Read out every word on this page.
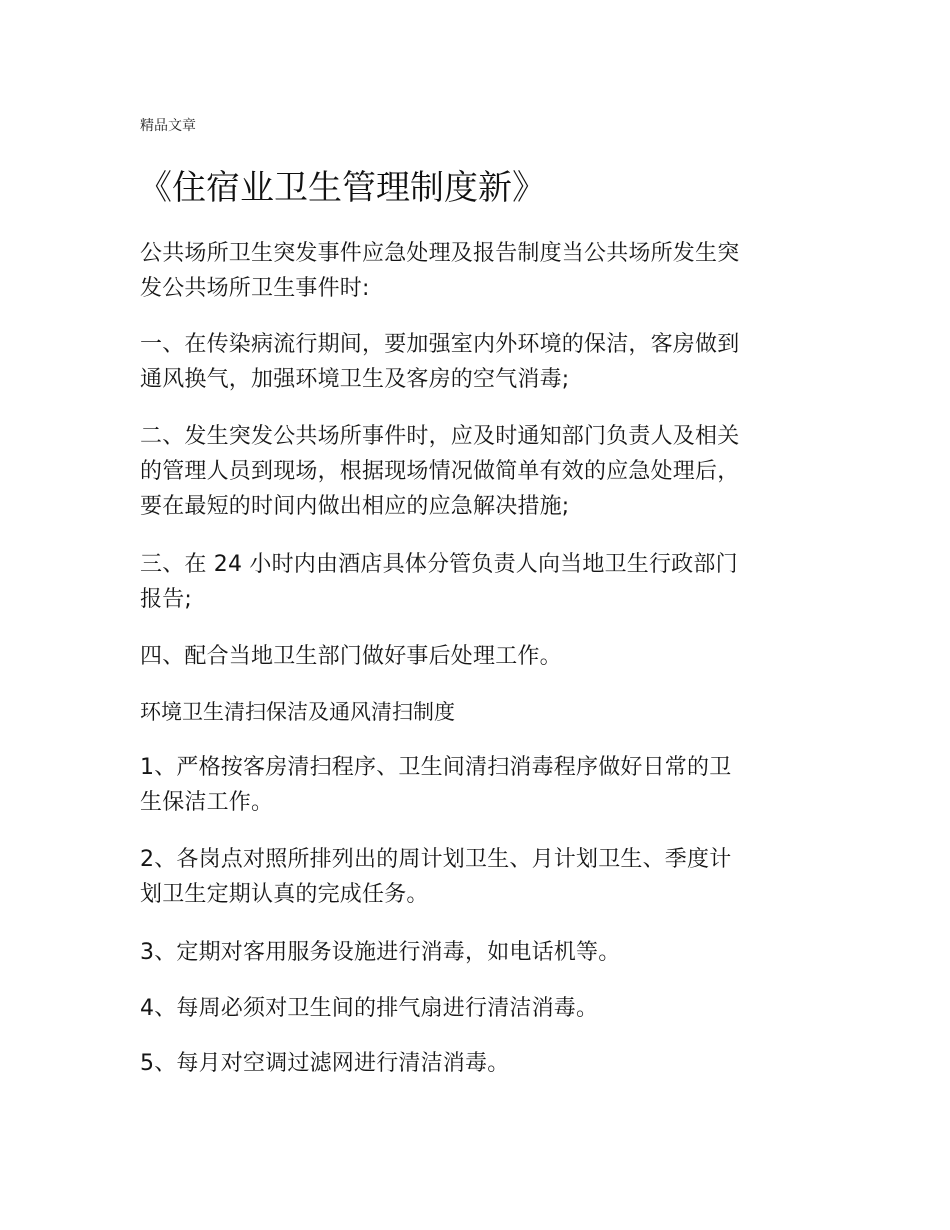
精品文章
《住宿业卫生管理制度新》
公共场所卫生突发事件应急处理及报告制度当公共场所发生突
发公共场所卫生事件时:
一、在传染病流行期间，要加强室内外环境的保洁，客房做到
通风换气，加强环境卫生及客房的空气消毒;
二、发生突发公共场所事件时，应及时通知部门负责人及相关
的管理人员到现场，根据现场情况做简单有效的应急处理后，
要在最短的时间内做出相应的应急解决措施;
三、在 24 小时内由酒店具体分管负责人向当地卫生行政部门
报告;
四、配合当地卫生部门做好事后处理工作。
环境卫生清扫保洁及通风清扫制度
1、严格按客房清扫程序、卫生间清扫消毒程序做好日常的卫
生保洁工作。
2、各岗点对照所排列出的周计划卫生、月计划卫生、季度计
划卫生定期认真的完成任务。
3、定期对客用服务设施进行消毒，如电话机等。
4、每周必须对卫生间的排气扇进行清洁消毒。
5、每月对空调过滤网进行清洁消毒。
